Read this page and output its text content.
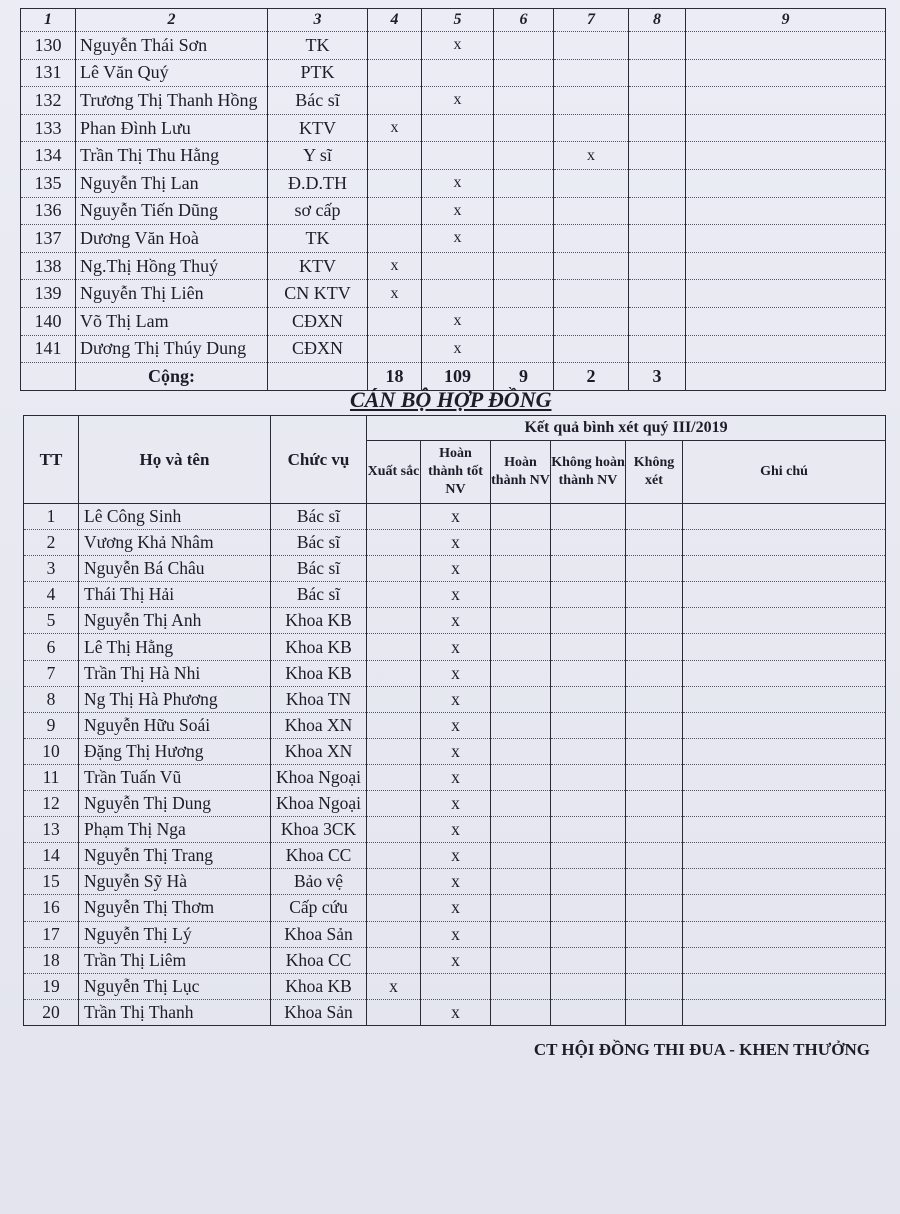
1	2	3	4	5	6	7	8	9
130	Nguyễn Thái Sơn	TK		x				
131	Lê Văn Quý	PTK						
132	Trương Thị Thanh Hồng	Bác sĩ		x				
133	Phan Đình Lưu	KTV	x					
134	Trần Thị Thu Hằng	Y sĩ				x		
135	Nguyễn Thị Lan	Đ.D.TH		x				
136	Nguyễn Tiến Dũng	sơ cấp		x				
137	Dương Văn Hoà	TK		x				
138	Ng.Thị Hồng Thuý	KTV	x					
139	Nguyễn Thị Liên	CN KTV	x					
140	Võ Thị Lam	CĐXN		x				
141	Dương Thị Thúy Dung	CĐXN		x				
	Cộng:		18	109	9	2	3	
CÁN BỘ HỢP ĐỒNG
TT	Họ và tên	Chức vụ	Kết quả bình xét quý III/2019					
			Xuất sắc	Hoàn thành tốt NV	Hoàn thành NV	Không hoàn thành NV	Không xét	Ghi chú
1	Lê Công Sinh	Bác sĩ		x				
2	Vương Khả Nhâm	Bác sĩ		x				
3	Nguyễn Bá Châu	Bác sĩ		x				
4	Thái Thị Hải	Bác sĩ		x				
5	Nguyễn Thị Anh	Khoa KB		x				
6	Lê Thị Hằng	Khoa KB		x				
7	Trần Thị Hà Nhi	Khoa KB		x				
8	Ng Thị Hà Phương	Khoa TN		x				
9	Nguyễn Hữu Soái	Khoa XN		x				
10	Đặng Thị Hương	Khoa XN		x				
11	Trần Tuấn Vũ	Khoa Ngoại		x				
12	Nguyễn Thị Dung	Khoa Ngoại		x				
13	Phạm Thị Nga	Khoa 3CK		x				
14	Nguyễn Thị Trang	Khoa CC		x				
15	Nguyễn Sỹ Hà	Bảo vệ		x				
16	Nguyễn Thị Thơm	Cấp cứu		x				
17	Nguyễn Thị Lý	Khoa Sản		x				
18	Trần Thị Liêm	Khoa CC		x				
19	Nguyễn Thị Lục	Khoa KB	x					
20	Trần Thị Thanh	Khoa Sản		x				
CT HỘI ĐỒNG THI ĐUA - KHEN THƯỞNG
